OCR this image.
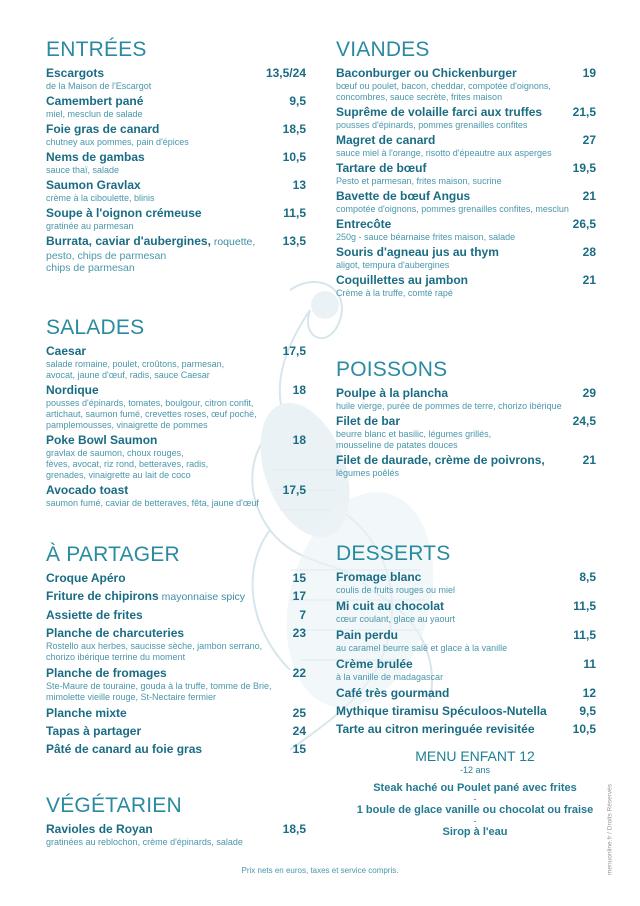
ENTRÉES
Escargots	13,5/24
de la Maison de l'Escargot
Camembert pané	9,5
miel, mesclun de salade
Foie gras de canard	18,5
chutney aux pommes, pain d'épices
Nems de gambas	10,5
sauce thaï, salade
Saumon Gravlax	13
crème à la ciboulette, blinis
Soupe à l'oignon crémeuse	11,5
gratinée au parmesan
Burrata, caviar d'aubergines, roquette, 13,5
pesto, chips de parmesan
chips de parmesan
SALADES
Caesar	17,5
salade romaine, poulet, croûtons, parmesan,
avocat, jaune d'œuf, radis, sauce Caesar
Nordique	18
pousses d'épinards, tomates, boulgour, citron confit,
artichaut, saumon fumé, crevettes roses, œuf poché,
pamplemousses, vinaigrette de pommes
Poke Bowl Saumon	18
gravlax de saumon, choux rouges,
fèves, avocat, riz rond, betteraves, radis,
grenades, vinaigrette au lait de coco
Avocado toast	17,5
saumon fumé, caviar de betteraves, fêta, jaune d'œuf
À PARTAGER
Croque Apéro	15
Friture de chipirons mayonnaise spicy	17
Assiette de frites	7
Planche de charcuteries	23
Rostello aux herbes, saucisse sèche, jambon serrano,
chorizo ibérique terrine du moment
Planche de fromages	22
Ste-Maure de touraine, gouda à la truffe, tomme de Brie,
mimolette vieille rouge, St-Nectaire fermier
Planche mixte	25
Tapas à partager	24
Pâté de canard au foie gras	15
VÉGÉTARIEN
Ravioles de Royan	18,5
gratinées au reblochon, crème d'épinards, salade
VIANDES
Baconburger ou Chickenburger	19
bœuf ou poulet, bacon, cheddar, compotée d'oignons,
concombres, sauce secrète, frites maison
Suprême de volaille farci aux truffes	21,5
pousses d'épinards, pommes grenailles confites
Magret de canard	27
sauce miel à l'orange, risotto d'épeautre aux asperges
Tartare de bœuf	19,5
Pesto et parmesan, frites maison, sucrine
Bavette de bœuf Angus	21
compotée d'oignons, pommes grenailles confites, mesclun
Entrecôte	26,5
250g - sauce béarnaise frites maison, salade
Souris d'agneau jus au thym	28
aligot, tempura d'aubergines
Coquillettes au jambon	21
Crème à la truffe, comté rapé
POISSONS
Poulpe à la plancha	29
huile vierge, purée de pommes de terre, chorizo ibérique
Filet de bar	24,5
beurre blanc et basilic, légumes grillés,
mousseline de patates douces
Filet de daurade, crème de poivrons,	21
légumes poêlés
DESSERTS
Fromage blanc	8,5
coulis de fruits rouges ou miel
Mi cuit au chocolat	11,5
cœur coulant, glace au yaourt
Pain perdu	11,5
au caramel beurre salé et glace à la vanille
Crème brulée	11
à la vanille de madagascar
Café très gourmand	12
Mythique tiramisu Spéculoos-Nutella	9,5
Tarte au citron meringuée revisitée	10,5
MENU ENFANT 12
-12 ans
Steak haché ou Poulet pané avec frites
-
1 boule de glace vanille ou chocolat ou fraise
-
Sirop à l'eau
Prix nets en euros, taxes et service compris.	menuonline.fr / Droits Réservés
